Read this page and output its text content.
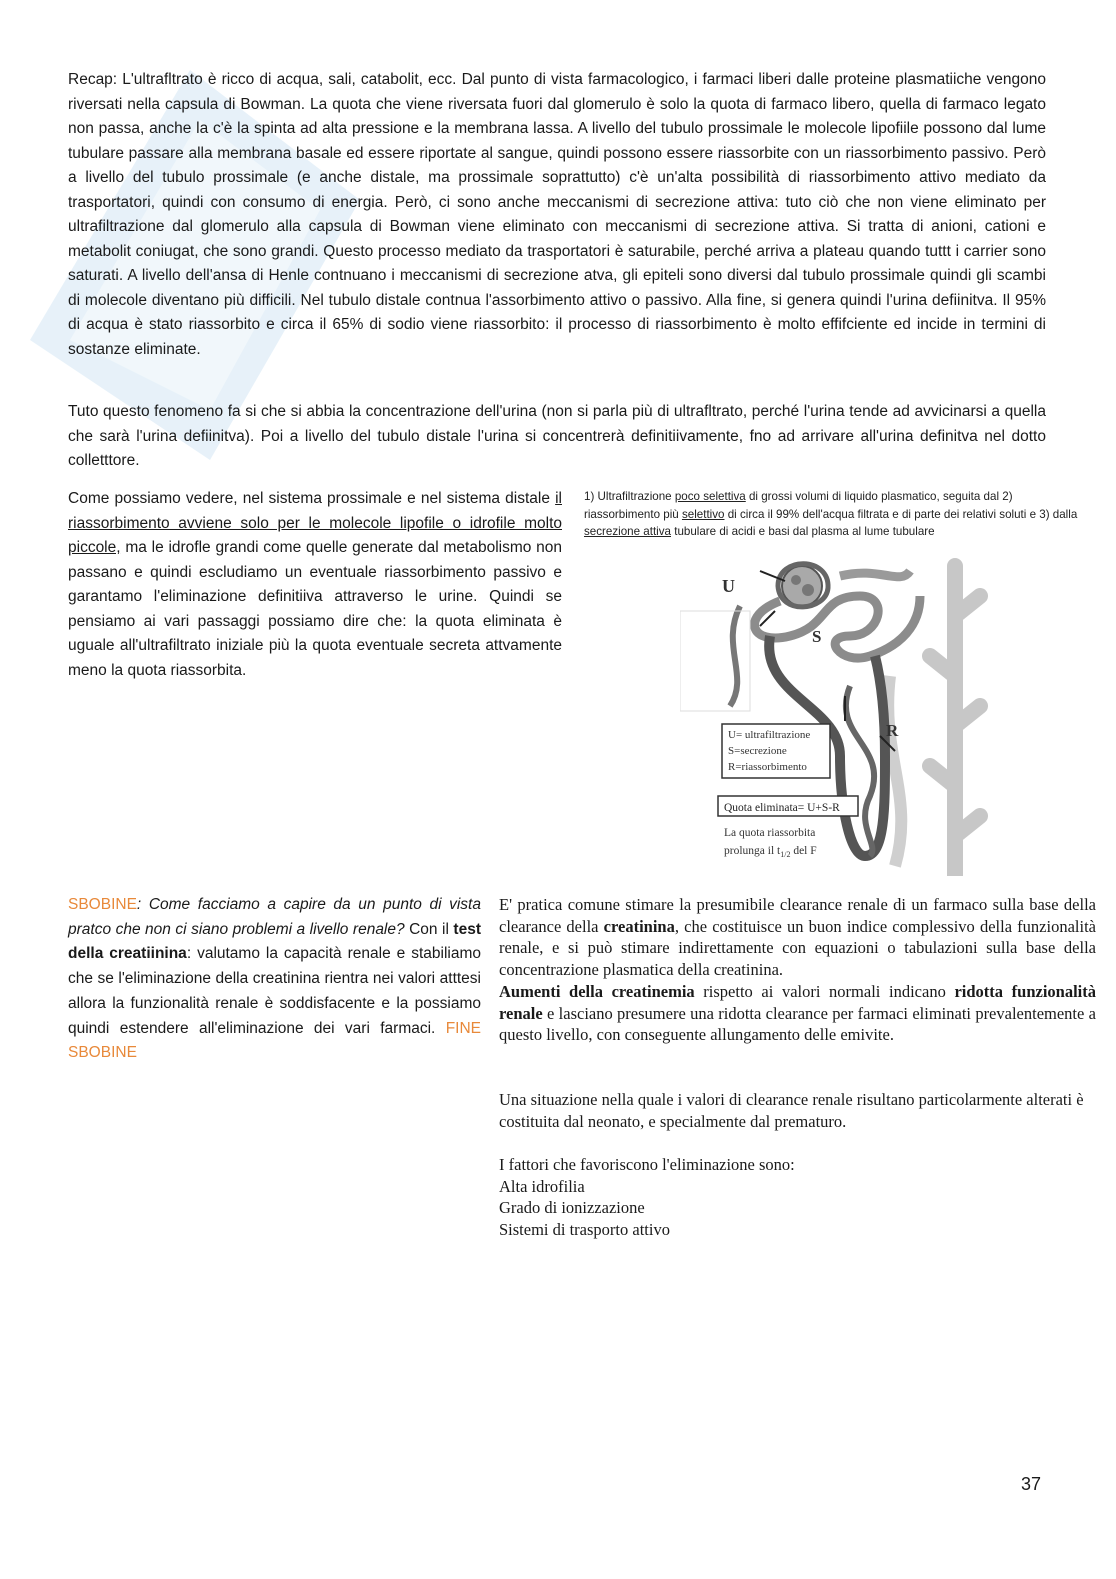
Recap: L'ultrafltrato è ricco di acqua, sali, catabolit, ecc. Dal punto di vista farmacologico, i farmaci liberi dalle proteine plasmatiiche vengono riversati nella capsula di Bowman. La quota che viene riversata fuori dal glomerulo è solo la quota di farmaco libero, quella di farmaco legato non passa, anche la c'è la spinta ad alta pressione e la membrana lassa. A livello del tubulo prossimale le molecole lipofiile possono dal lume tubulare passare alla membrana basale ed essere riportate al sangue, quindi possono essere riassorbite con un riassorbimento passivo. Però a livello del tubulo prossimale (e anche distale, ma prossimale soprattutto) c'è un'alta possibilità di riassorbimento attivo mediato da trasportatori, quindi con consumo di energia. Però, ci sono anche meccanismi di secrezione attiva: tuto ciò che non viene eliminato per ultrafiltrazione dal glomerulo alla capsula di Bowman viene eliminato con meccanismi di secrezione attiva. Si tratta di anioni, cationi e metabolit coniugat, che sono grandi. Questo processo mediato da trasportatori è saturabile, perché arriva a plateau quando tuttt i carrier sono saturati. A livello dell'ansa di Henle contnuano i meccanismi di secrezione atva, gli epiteli sono diversi dal tubulo prossimale quindi gli scambi di molecole diventano più difficili. Nel tubulo distale contnua l'assorbimento attivo o passivo. Alla fine, si genera quindi l'urina defiinitva. Il 95% di acqua è stato riassorbito e circa il 65% di sodio viene riassorbito: il processo di riassorbimento è molto effifciente ed incide in termini di sostanze eliminate.

Tuto questo fenomeno fa si che si abbia la concentrazione dell'urina (non si parla più di ultrafltrato, perché l'urina tende ad avvicinarsi a quella che sarà l'urina defiinitva). Poi a livello del tubulo distale l'urina si concentrerà definitiivamente, fno ad arrivare all'urina definitva nel dotto colletttore.

Come possiamo vedere, nel sistema prossimale e nel sistema distale il riassorbimento avviene solo per le molecole lipofile o idrofile molto piccole, ma le idrofle grandi come quelle generate dal metabolismo non passano e quindi escludiamo un eventuale riassorbimento passivo e garantamo l'eliminazione definitiiva attraverso le urine. Quindi se pensiamo ai vari passaggi possiamo dire che: la quota eliminata è uguale all'ultrafiltrato iniziale più la quota eventuale secreta attvamente meno la quota riassorbita.

1) Ultrafiltrazione poco selettiva di grossi volumi di liquido plasmatico, seguita dal 2) riassorbimento più selettivo di circa il 99% dell'acqua filtrata e di parte dei relativi soluti e 3) dalla secrezione attiva tubulare di acidi e basi dal plasma al lume tubulare
U
S
R
U= ultrafiltrazione
S=secrezione
R=riassorbimento
Quota eliminata= U+S-R
La quota riassorbita
prolunga il $t_{1/2}$ del F

SBOBINE: Come facciamo a capire da un punto di vista pratco che non ci siano problemi a livello renale? Con il test della creatiinina: valutamo la capacità renale e stabiliamo che se l'eliminazione della creatinina rientra nei valori atttesi allora la funzionalità renale è soddisfacente e la possiamo quindi estendere all'eliminazione dei vari farmaci. FINE SBOBINE

E' pratica comune stimare la presumibile clearance renale di un farmaco sulla base della clearance della creatinina, che costituisce un buon indice complessivo della funzionalità renale, e si può stimare indirettamente con equazioni o tabulazioni sulla base della concentrazione plasmatica della creatinina.
Aumenti della creatinemia rispetto ai valori normali indicano ridotta funzionalità renale e lasciano presumere una ridotta clearance per farmaci eliminati prevalentemente a questo livello, con conseguente allungamento delle emivite.

Una situazione nella quale i valori di clearance renale risultano particolarmente alterati è costituita dal neonato, e specialmente dal prematuro.

I fattori che favoriscono l'eliminazione sono:
Alta idrofilia
Grado di ionizzazione
Sistemi di trasporto attivo
37
